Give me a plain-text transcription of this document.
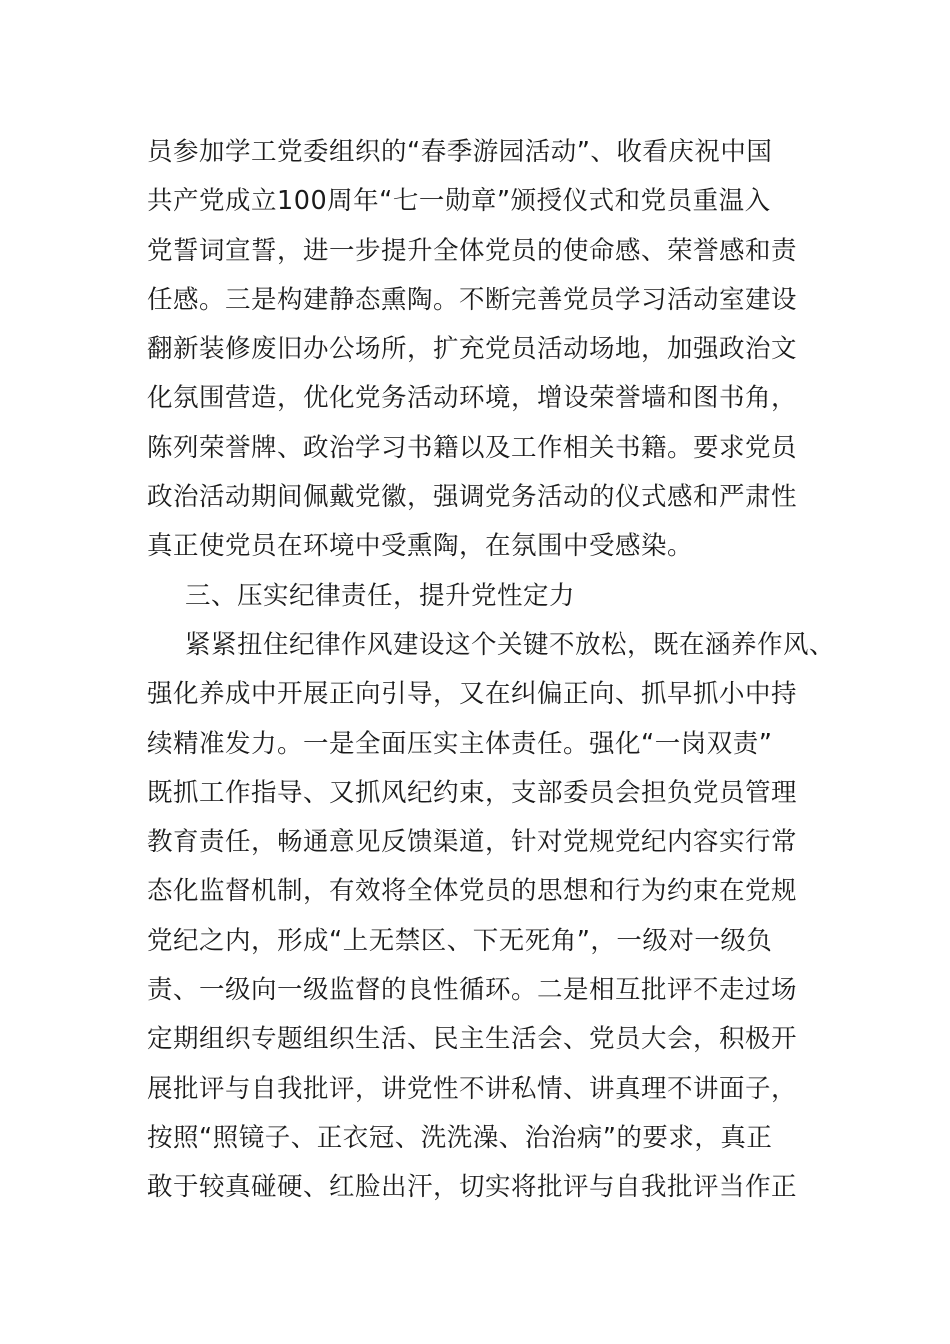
员参加学工党委组织的“春季游园活动”、收看庆祝中国
共产党成立100周年“七一勋章”颁授仪式和党员重温入
党誓词宣誓，进一步提升全体党员的使命感、荣誉感和责
任感。三是构建静态熏陶。不断完善党员学习活动室建设
翻新装修废旧办公场所，扩充党员活动场地，加强政治文
化氛围营造，优化党务活动环境，增设荣誉墙和图书角，
陈列荣誉牌、政治学习书籍以及工作相关书籍。要求党员
政治活动期间佩戴党徽，强调党务活动的仪式感和严肃性
真正使党员在环境中受熏陶，在氛围中受感染。
三、压实纪律责任，提升党性定力
紧紧扭住纪律作风建设这个关键不放松，既在涵养作风、
强化养成中开展正向引导，又在纠偏正向、抓早抓小中持
续精准发力。一是全面压实主体责任。强化“一岗双责”
既抓工作指导、又抓风纪约束，支部委员会担负党员管理
教育责任，畅通意见反馈渠道，针对党规党纪内容实行常
态化监督机制，有效将全体党员的思想和行为约束在党规
党纪之内，形成“上无禁区、下无死角”，一级对一级负
责、一级向一级监督的良性循环。二是相互批评不走过场
定期组织专题组织生活、民主生活会、党员大会，积极开
展批评与自我批评，讲党性不讲私情、讲真理不讲面子，
按照“照镜子、正衣冠、洗洗澡、治治病”的要求，真正
敢于较真碰硬、红脸出汗，切实将批评与自我批评当作正
